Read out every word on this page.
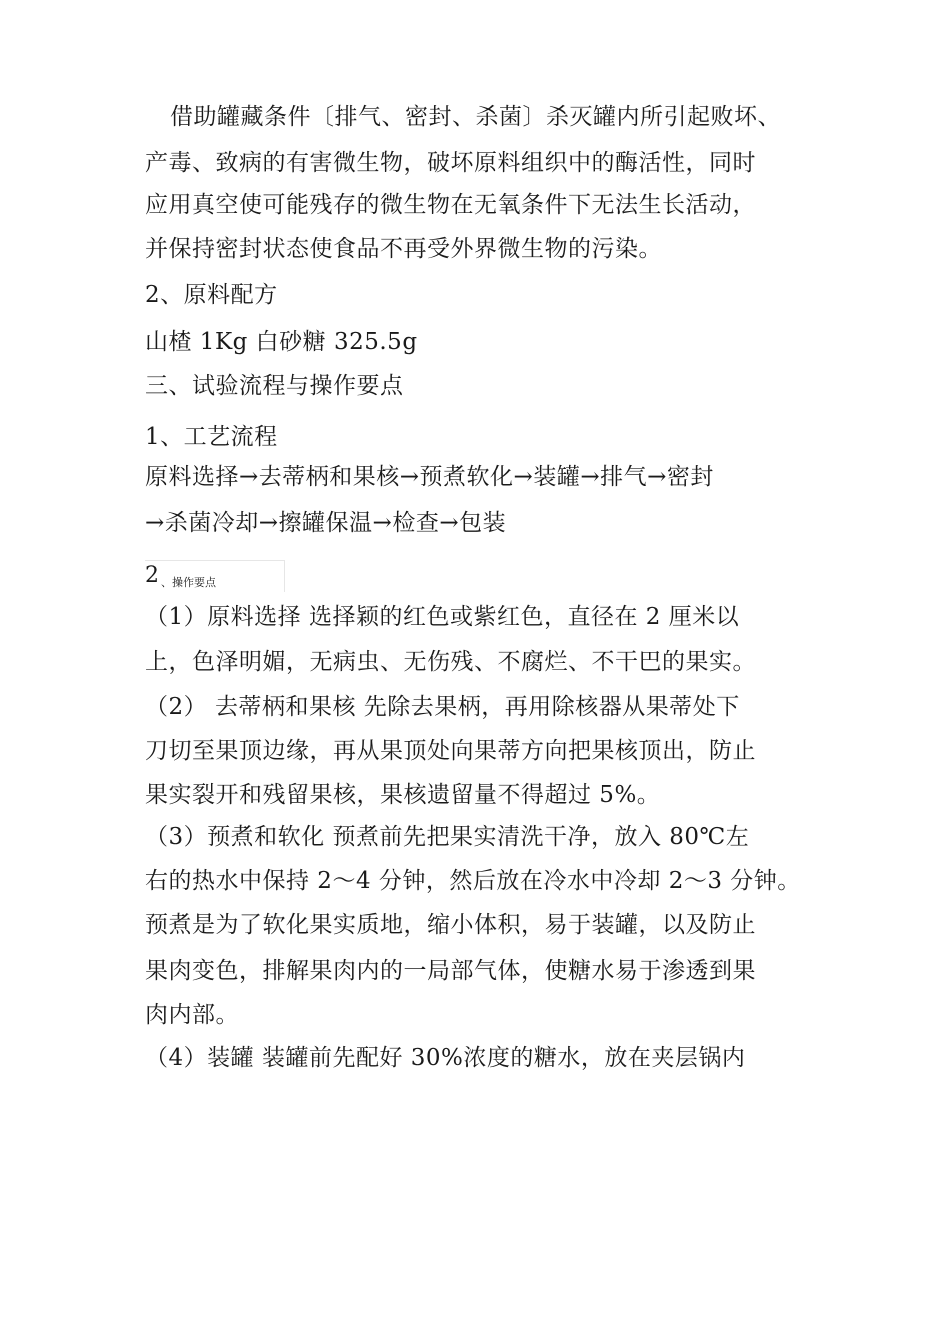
借助罐藏条件〔排气、密封、杀菌〕杀灭罐内所引起败坏、
产毒、致病的有害微生物，破坏原料组织中的酶活性，同时
应用真空使可能残存的微生物在无氧条件下无法生长活动，
并保持密封状态使食品不再受外界微生物的污染。
2、原料配方
山楂 1Kg 白砂糖 325.5g
三、试验流程与操作要点
1、工艺流程
原料选择→去蒂柄和果核→预煮软化→装罐→排气→密封
→杀菌冷却→擦罐保温→检查→包装
2 、操作要点
（1）原料选择 选择颖的红色或紫红色，直径在 2 厘米以
上，色泽明媚，无病虫、无伤残、不腐烂、不干巴的果实。
（2） 去蒂柄和果核 先除去果柄，再用除核器从果蒂处下
刀切至果顶边缘，再从果顶处向果蒂方向把果核顶出，防止
果实裂开和残留果核，果核遗留量不得超过 5%。
（3）预煮和软化 预煮前先把果实清洗干净，放入 80℃左
右的热水中保持 2～4 分钟，然后放在冷水中冷却 2～3 分钟。
预煮是为了软化果实质地，缩小体积，易于装罐，以及防止
果肉变色，排解果肉内的一局部气体，使糖水易于渗透到果
肉内部。
（4）装罐 装罐前先配好 30%浓度的糖水，放在夹层锅内
